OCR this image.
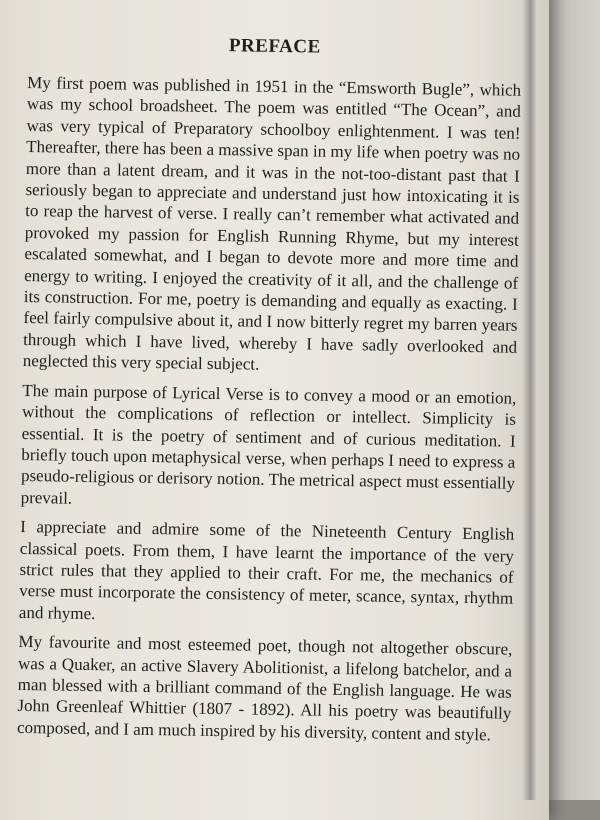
PREFACE

My first poem was published in 1951 in the “Emsworth Bugle”, which was my school broadsheet. The poem was entitled “The Ocean”, and was very typical of Preparatory schoolboy enlightenment. I was ten! Thereafter, there has been a massive span in my life when poetry was no more than a latent dream, and it was in the not-too-distant past that I seriously began to appreciate and understand just how intoxicating it is to reap the harvest of verse. I really can’t remember what activated and provoked my passion for English Running Rhyme, but my interest escalated somewhat, and I began to devote more and more time and energy to writing. I enjoyed the creativity of it all, and the challenge of its construction. For me, poetry is demanding and equally as exacting. I feel fairly compulsive about it, and I now bitterly regret my barren years through which I have lived, whereby I have sadly overlooked and neglected this very special subject.

The main purpose of Lyrical Verse is to convey a mood or an emotion, without the complications of reflection or intellect. Simplicity is essential. It is the poetry of sentiment and of curious meditation. I briefly touch upon metaphysical verse, when perhaps I need to express a pseudo-religious or derisory notion. The metrical aspect must essentially prevail.

I appreciate and admire some of the Nineteenth Century English classical poets. From them, I have learnt the importance of the very strict rules that they applied to their craft. For me, the mechanics of verse must incorporate the consistency of meter, scance, syntax, rhythm and rhyme.

My favourite and most esteemed poet, though not altogether obscure, was a Quaker, an active Slavery Abolitionist, a lifelong batchelor, and a man blessed with a brilliant command of the English language. He was John Greenleaf Whittier (1807 - 1892). All his poetry was beautifully composed, and I am much inspired by his diversity, content and style.
